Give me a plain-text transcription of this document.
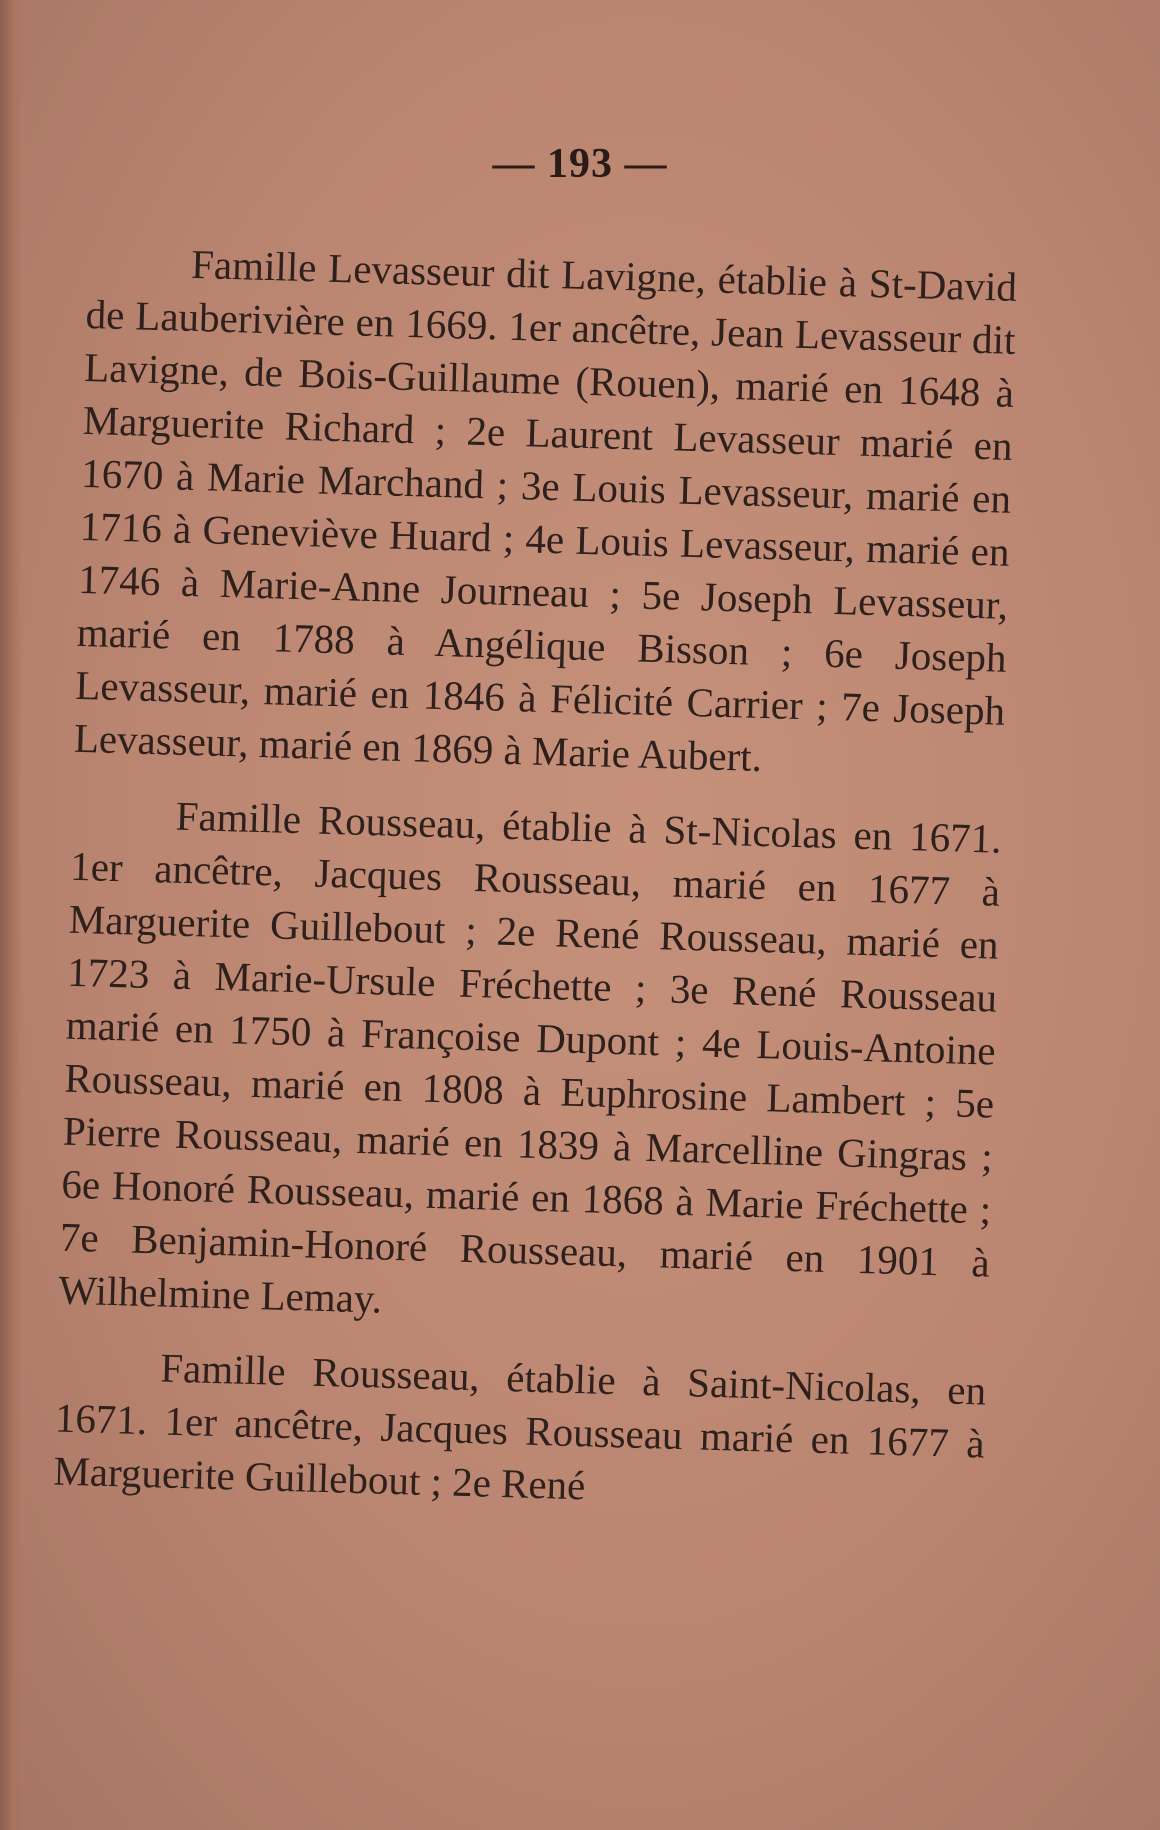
— 193 —

Famille Levasseur dit Lavigne, établie à St-David de Lauberivière en 1669. 1er ancêtre, Jean Levasseur dit Lavigne, de Bois-Guillaume (Rouen), marié en 1648 à Marguerite Richard ; 2e Laurent Levasseur marié en 1670 à Marie Marchand ; 3e Louis Levasseur, marié en 1716 à Geneviève Huard ; 4e Louis Levasseur, marié en 1746 à Marie-Anne Journeau ; 5e Joseph Levasseur, marié en 1788 à Angélique Bisson ; 6e Joseph Levasseur, marié en 1846 à Félicité Carrier ; 7e Joseph Levasseur, marié en 1869 à Marie Aubert.

Famille Rousseau, établie à St-Nicolas en 1671. 1er ancêtre, Jacques Rousseau, marié en 1677 à Marguerite Guillebout ; 2e René Rousseau, marié en 1723 à Marie-Ursule Fréchette ; 3e René Rousseau marié en 1750 à Françoise Dupont ; 4e Louis-Antoine Rousseau, marié en 1808 à Euphrosine Lambert ; 5e Pierre Rousseau, marié en 1839 à Marcelline Gingras ; 6e Honoré Rousseau, marié en 1868 à Marie Fréchette ; 7e Benjamin-Honoré Rousseau, marié en 1901 à Wilhelmine Lemay.

Famille Rousseau, établie à Saint-Nicolas, en 1671. 1er ancêtre, Jacques Rousseau marié en 1677 à Marguerite Guillebout ; 2e René
